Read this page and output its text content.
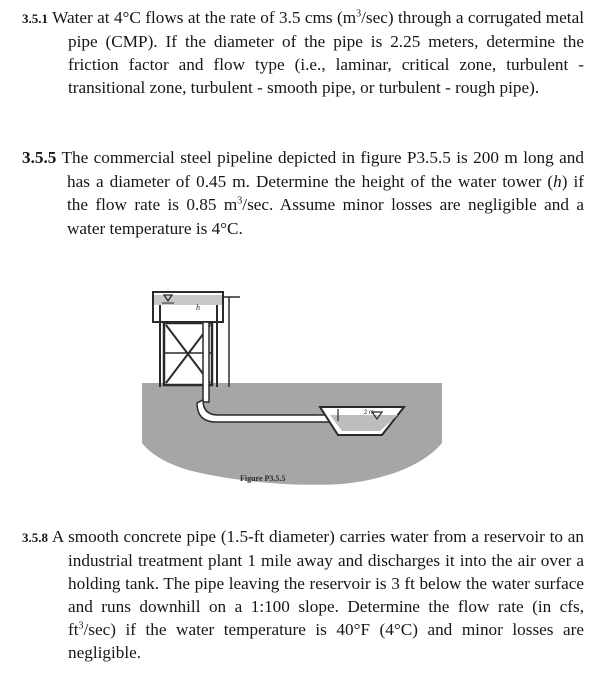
3.5.1 Water at 4°C flows at the rate of 3.5 cms $(m^3/\sec)$ through a corrugated metal pipe (CMP). If the diameter of the pipe is 2.25 meters, determine the friction factor and flow type (i.e., laminar, critical zone, turbulent - transitional zone, turbulent - smooth pipe, or turbulent - rough pipe).

3.5.5 The commercial steel pipeline depicted in figure P3.5.5 is 200 m long and has a diameter of 0.45 m. Determine the height of the water tower (h) if the flow rate is 0.85 $m^3/\sec$. Assume minor losses are negligible and a water temperature is 4°C.

h
2 m
Figure P3.5.5

3.5.8 A smooth concrete pipe (1.5-ft diameter) carries water from a reservoir to an industrial treatment plant 1 mile away and discharges it into the air over a holding tank. The pipe leaving the reservoir is 3 ft below the water surface and runs downhill on a 1:100 slope. Determine the flow rate (in cfs, $ft^3/\sec$) if the water temperature is 40°F (4°C) and minor losses are negligible.
